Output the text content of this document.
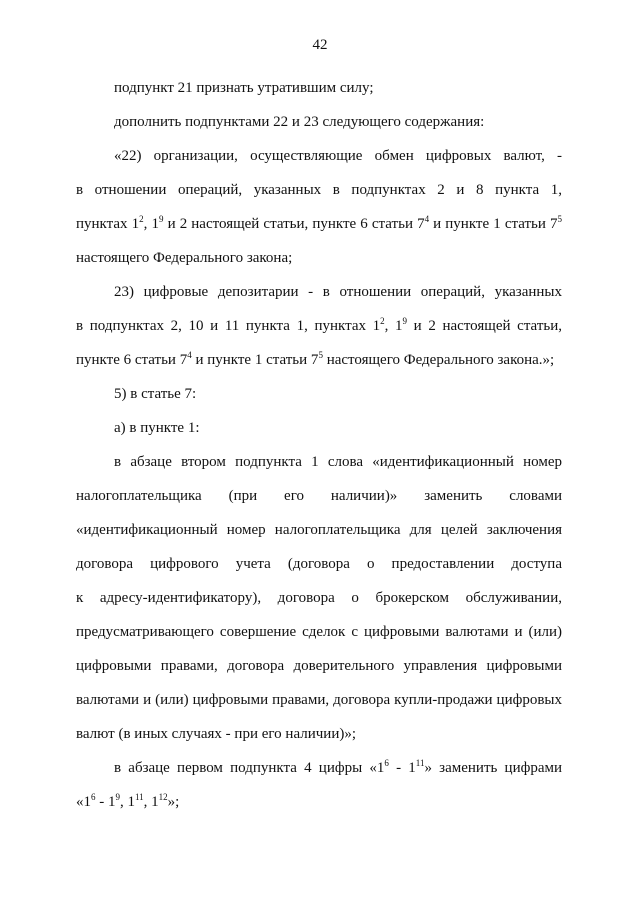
42
подпункт 21 признать утратившим силу;
дополнить подпунктами 22 и 23 следующего содержания:
«22) организации, осуществляющие обмен цифровых валют, -
в отношении операций, указанных в подпунктах 2 и 8 пункта 1,
пунктах $1^2$, $1^9$ и 2 настоящей статьи, пункте 6 статьи $7^4$ и пункте 1 статьи $7^5$
настоящего Федерального закона;
23) цифровые депозитарии - в отношении операций, указанных
в подпунктах 2, 10 и 11 пункта 1, пунктах $1^2$, $1^9$ и 2 настоящей статьи,
пункте 6 статьи $7^4$ и пункте 1 статьи $7^5$ настоящего Федерального закона.»;
5) в статье 7:
а) в пункте 1:
в абзаце втором подпункта 1 слова «идентификационный номер
налогоплательщика (при его наличии)» заменить словами
«идентификационный номер налогоплательщика для целей заключения
договора цифрового учета (договора о предоставлении доступа
к адресу-идентификатору), договора о брокерском обслуживании,
предусматривающего совершение сделок с цифровыми валютами и (или)
цифровыми правами, договора доверительного управления цифровыми
валютами и (или) цифровыми правами, договора купли-продажи цифровых
валют (в иных случаях - при его наличии)»;
в абзаце первом подпункта 4 цифры «$1^6 - 1^{11}$» заменить цифрами
«$1^6 - 1^9$, $1^{11}$, $1^{12}$»;
